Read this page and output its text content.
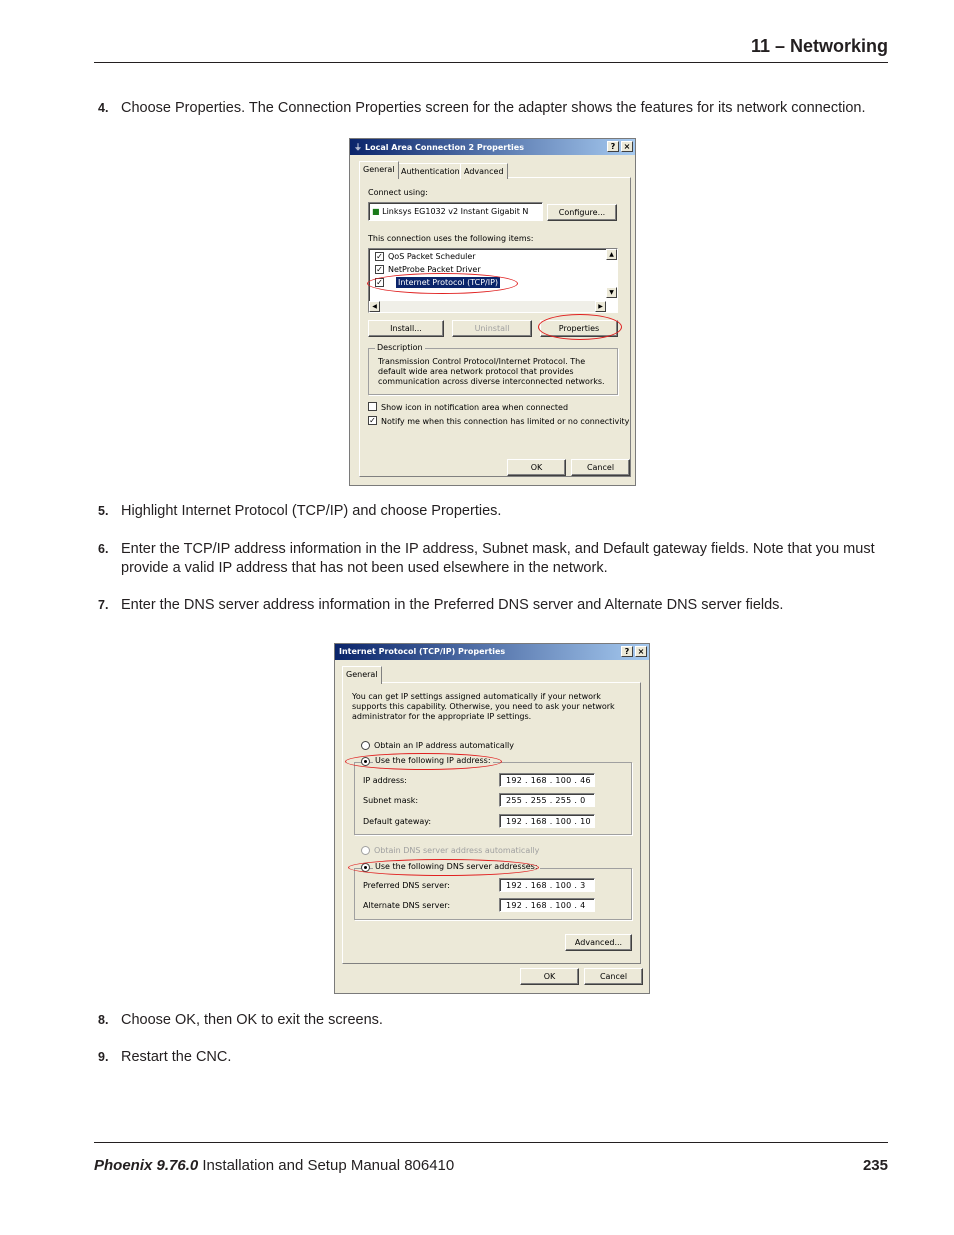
11 – Networking
4. Choose Properties. The Connection Properties screen for the adapter shows the features for its network connection.
⏚ Local Area Connection 2 Properties	?	×
General Authentication Advanced
Connect using:
■ Linksys EG1032 v2 Instant Gigabit N	Configure...
This connection uses the following items:
✓ QoS Packet Scheduler
✓ NetProbe Packet Driver
✓ Internet Protocol (TCP/IP)
▲
▼
◀	▶
Install...	Uninstall	Properties
Description
Transmission Control Protocol/Internet Protocol. The default wide area network protocol that provides communication across diverse interconnected networks.
Show icon in notification area when connected
✓ Notify me when this connection has limited or no connectivity
OK	Cancel
5. Highlight Internet Protocol (TCP/IP) and choose Properties.
6. Enter the TCP/IP address information in the IP address, Subnet mask, and Default gateway fields. Note that you must provide a valid IP address that has not been used elsewhere in the network.
7. Enter the DNS server address information in the Preferred DNS server and Alternate DNS server fields.
Internet Protocol (TCP/IP) Properties	?	×
General
You can get IP settings assigned automatically if your network supports this capability. Otherwise, you need to ask your network administrator for the appropriate IP settings.
Obtain an IP address automatically
Use the following IP address:
IP address:	192 . 168 . 100 . 46
Subnet mask:	255 . 255 . 255 . 0
Default gateway:	192 . 168 . 100 . 10
Obtain DNS server address automatically
Use the following DNS server addresses:
Preferred DNS server:	192 . 168 . 100 . 3
Alternate DNS server:	192 . 168 . 100 . 4
Advanced...
OK	Cancel
8. Choose OK, then OK to exit the screens.
9. Restart the CNC.
Phoenix 9.76.0 Installation and Setup Manual 806410	235
